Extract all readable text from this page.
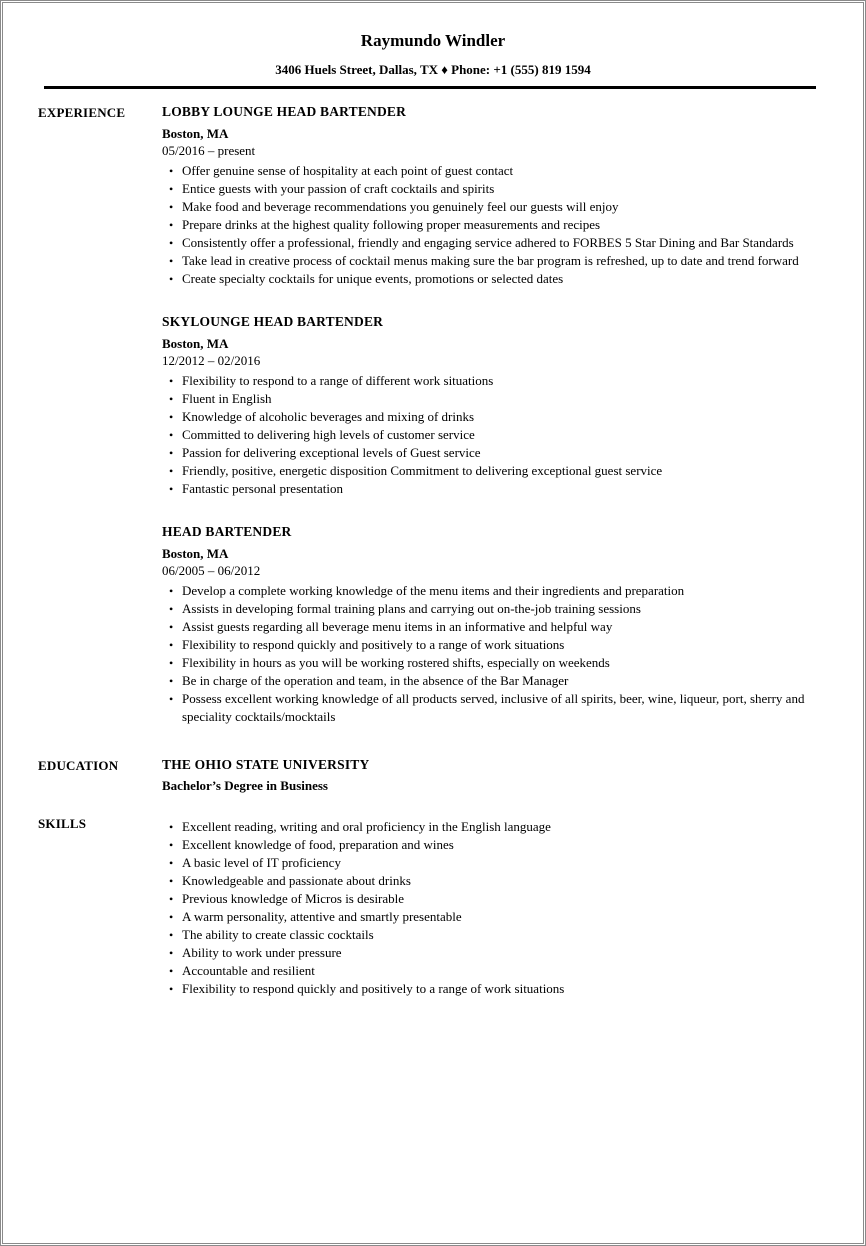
Raymundo Windler
3406 Huels Street, Dallas, TX ♦ Phone: +1 (555) 819 1594
EXPERIENCE	LOBBY LOUNGE HEAD BARTENDER
Boston, MA
05/2016 – present
• Offer genuine sense of hospitality at each point of guest contact
• Entice guests with your passion of craft cocktails and spirits
• Make food and beverage recommendations you genuinely feel our guests will enjoy
• Prepare drinks at the highest quality following proper measurements and recipes
• Consistently offer a professional, friendly and engaging service adhered to FORBES 5 Star Dining and Bar Standards
• Take lead in creative process of cocktail menus making sure the bar program is refreshed, up to date and trend forward
• Create specialty cocktails for unique events, promotions or selected dates
SKYLOUNGE HEAD BARTENDER
Boston, MA
12/2012 – 02/2016
• Flexibility to respond to a range of different work situations
• Fluent in English
• Knowledge of alcoholic beverages and mixing of drinks
• Committed to delivering high levels of customer service
• Passion for delivering exceptional levels of Guest service
• Friendly, positive, energetic disposition Commitment to delivering exceptional guest service
• Fantastic personal presentation
HEAD BARTENDER
Boston, MA
06/2005 – 06/2012
• Develop a complete working knowledge of the menu items and their ingredients and preparation
• Assists in developing formal training plans and carrying out on-the-job training sessions
• Assist guests regarding all beverage menu items in an informative and helpful way
• Flexibility to respond quickly and positively to a range of work situations
• Flexibility in hours as you will be working rostered shifts, especially on weekends
• Be in charge of the operation and team, in the absence of the Bar Manager
• Possess excellent working knowledge of all products served, inclusive of all spirits, beer, wine, liqueur, port, sherry and speciality cocktails/mocktails
EDUCATION	THE OHIO STATE UNIVERSITY
Bachelor’s Degree in Business
SKILLS	• Excellent reading, writing and oral proficiency in the English language
• Excellent knowledge of food, preparation and wines
• A basic level of IT proficiency
• Knowledgeable and passionate about drinks
• Previous knowledge of Micros is desirable
• A warm personality, attentive and smartly presentable
• The ability to create classic cocktails
• Ability to work under pressure
• Accountable and resilient
• Flexibility to respond quickly and positively to a range of work situations
